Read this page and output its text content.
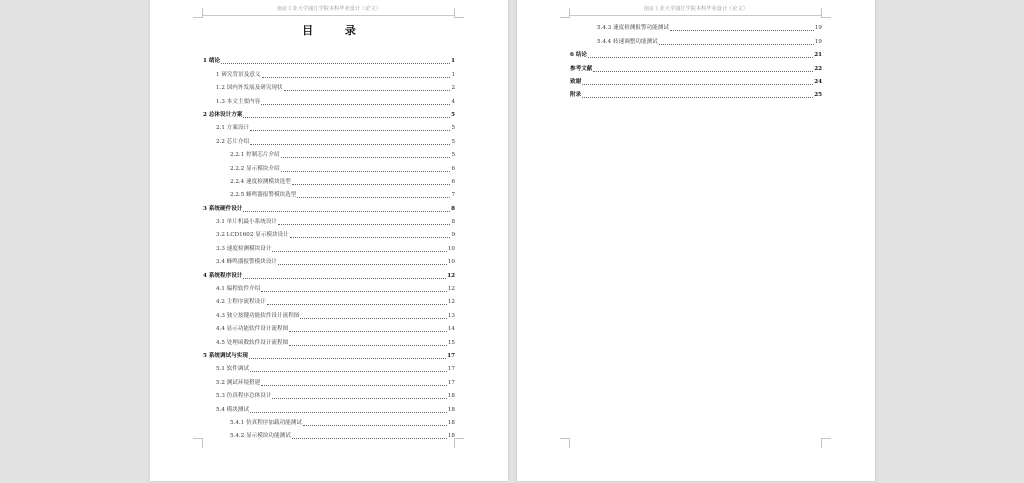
南京工业大学浦江学院本科毕业设计（论文）
目 录
1 绪论	1
1 研究背景及意义	1
1.2 国内外发展及研究现状	2
1.3 本文主要内容	4
2 总体设计方案	5
2.1 方案设计	5
2.2 芯片介绍	5
2.2.1 控制芯片介绍	5
2.2.2 显示模块介绍	6
2.2.4 速度检测模块选型	6
2.2.5 蜂鸣器报警模块选型	7
3 系统硬件设计	8
3.1 单片机最小系统设计	8
3.2 LCD1602 显示模块设计	9
3.3 速度检测模块设计	10
3.4 蜂鸣器报警模块设计	10
4 系统程序设计	12
4.1 编程软件介绍	12
4.2 主程序流程设计	12
4.3 独立按键功能软件设计流程图	13
4.4 显示功能软件设计流程图	14
4.5 处理函数软件设计流程图	15
5 系统调试与实现	17
5.1 软件调试	17
5.2 测试环境搭建	17
5.3 仿真程序总体设计	18
5.4 模块测试	18
5.4.1 仿真程序加载功能测试	18
5.4.2 显示模块功能测试	18
南京工业大学浦江学院本科毕业设计（论文）
5.4.3 速度检测报警功能测试	19
5.4.4 转速调整功能测试	19
6 结论	21
参考文献	22
致谢	24
附录	25
